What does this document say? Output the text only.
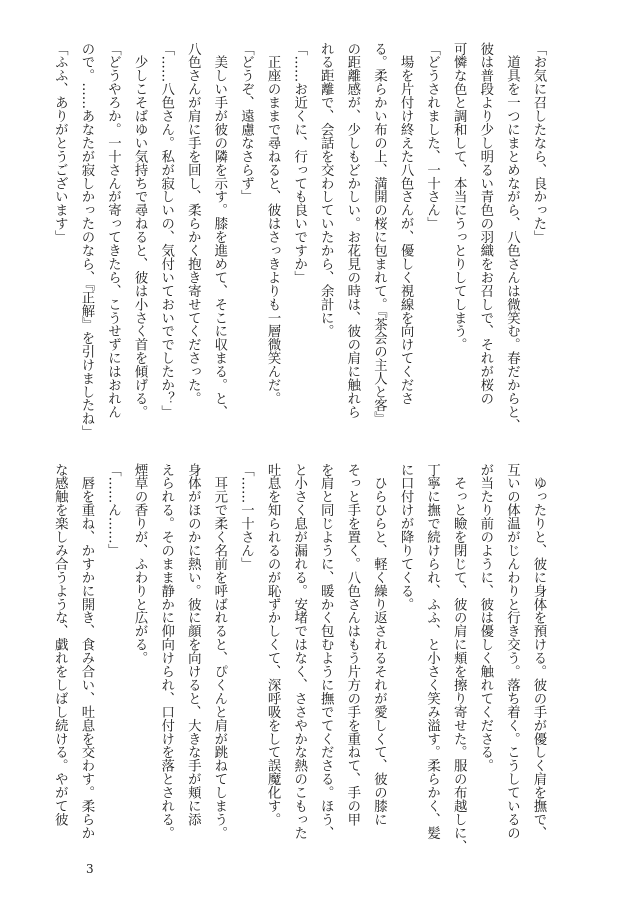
「お気に召したなら、良かった」
　道具を一つにまとめながら、八色さんは微笑む。春だからと、
彼は普段より少し明るい青色の羽織をお召しで、それが桜の
可憐な色と調和して、本当にうっとりしてしまう。
「どうされました、一十さん」
　場を片付け終えた八色さんが、優しく視線を向けてくださ
る。柔らかい布の上、満開の桜に包まれて。『茶会の主人と客』
の距離感が、少しもどかしい。お花見の時は、彼の肩に触れら
れる距離で、会話を交わしていたから、余計に。
「……お近くに、行っても良いですか」
　正座のままで尋ねると、彼はさっきよりも一層微笑んだ。
「どうぞ、遠慮なさらず」
　美しい手が彼の隣を示す。膝を進めて、そこに収まる。と、
八色さんが肩に手を回し、柔らかく抱き寄せてくださった。
「……八色さん。私が寂しいの、気付いておいででしたか？」
　少しこそばゆい気持ちで尋ねると、彼は小さく首を傾げる。
「どうやろか。一十さんが寄ってきたら、こうせずにはおれん
ので。……あなたが寂しかったのなら、『正解』を引けましたね」
「ふふ、ありがとうございます」
　ゆったりと、彼に身体を預ける。彼の手が優しく肩を撫で、
互いの体温がじんわりと行き交う。落ち着く。こうしているの
が当たり前のように、彼は優しく触れてくださる。
　そっと瞼を閉じて、彼の肩に頬を擦り寄せた。服の布越しに、
丁寧に撫で続けられ、ふふ、と小さく笑み溢す。柔らかく、髪
に口付けが降りてくる。
　ひらひらと、軽く繰り返されるそれが愛しくて、彼の膝に
そっと手を置く。八色さんはもう片方の手を重ねて、手の甲
を肩と同じように、暖かく包むように撫でてくださる。ほう、
と小さく息が漏れる。安堵ではなく、ささやかな熱のこもった
吐息を知られるのが恥ずかしくて、深呼吸をして誤魔化す。
「……一十さん」
　耳元で柔く名前を呼ばれると、ぴくんと肩が跳ねてしまう。
身体がほのかに熱い。彼に顔を向けると、大きな手が頬に添
えられる。そのまま静かに仰向けられ、口付けを落とされる。
煙草の香りが、ふわりと広がる。
「……ん……」
　唇を重ね、かすかに開き、食み合い、吐息を交わす。柔らか
な感触を楽しみ合うような、戯れをしばし続ける。やがて彼
3
